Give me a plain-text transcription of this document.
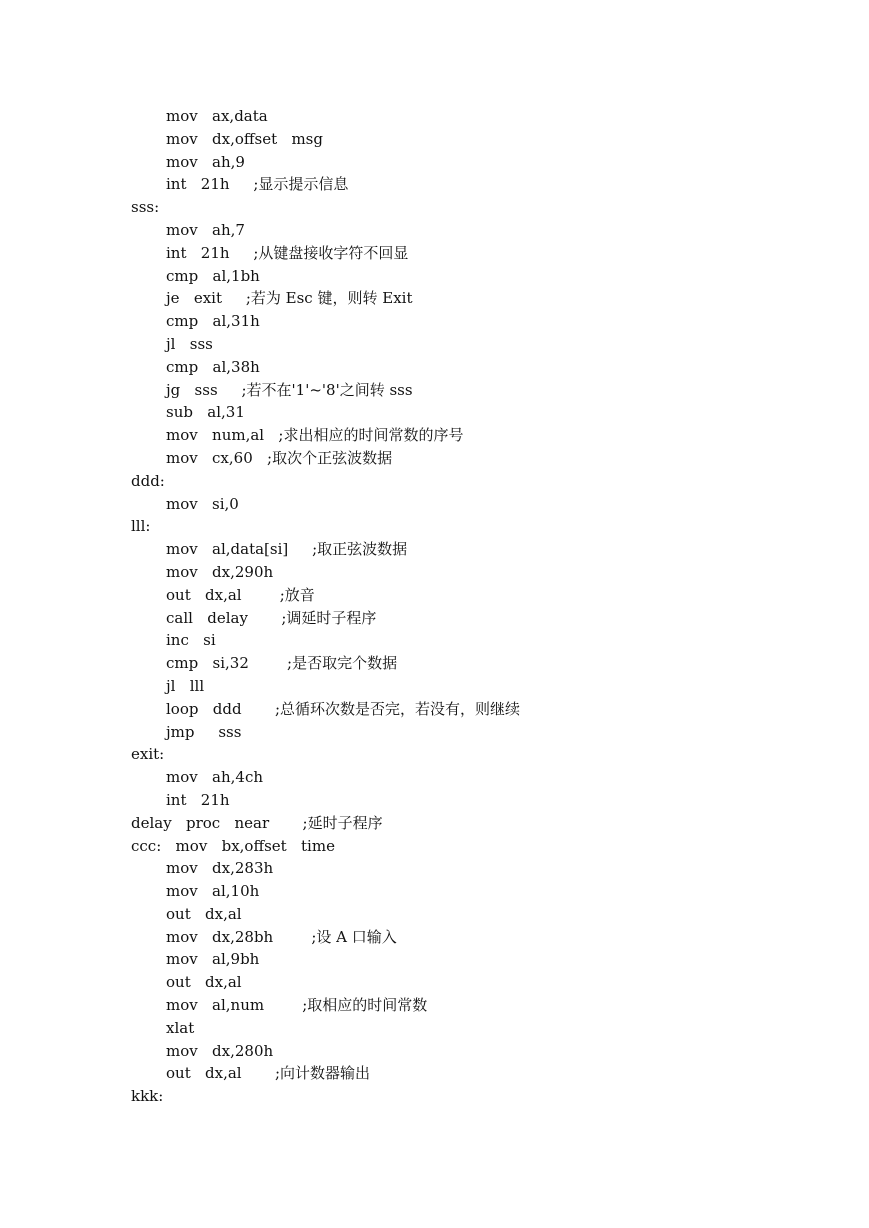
mov   ax,data
mov   dx,offset   msg
mov   ah,9
int   21h     ;显示提示信息
sss:
mov   ah,7
int   21h     ;从键盘接收字符不回显
cmp   al,1bh
je   exit     ;若为 Esc 键，则转 Exit
cmp   al,31h
jl   sss
cmp   al,38h
jg   sss     ;若不在'1'~'8'之间转 sss
sub   al,31
mov   num,al   ;求出相应的时间常数的序号
mov   cx,60   ;取次个正弦波数据
ddd:
mov   si,0
lll:
mov   al,data[si]     ;取正弦波数据
mov   dx,290h
out   dx,al        ;放音
call   delay       ;调延时子程序
inc   si
cmp   si,32        ;是否取完个数据
jl   lll
loop   ddd       ;总循环次数是否完，若没有，则继续
jmp     sss
exit:
mov   ah,4ch
int   21h
delay   proc   near       ;延时子程序
ccc:   mov   bx,offset   time
mov   dx,283h
mov   al,10h
out   dx,al
mov   dx,28bh        ;设 A 口输入
mov   al,9bh
out   dx,al
mov   al,num        ;取相应的时间常数
xlat
mov   dx,280h
out   dx,al       ;向计数器输出
kkk:
